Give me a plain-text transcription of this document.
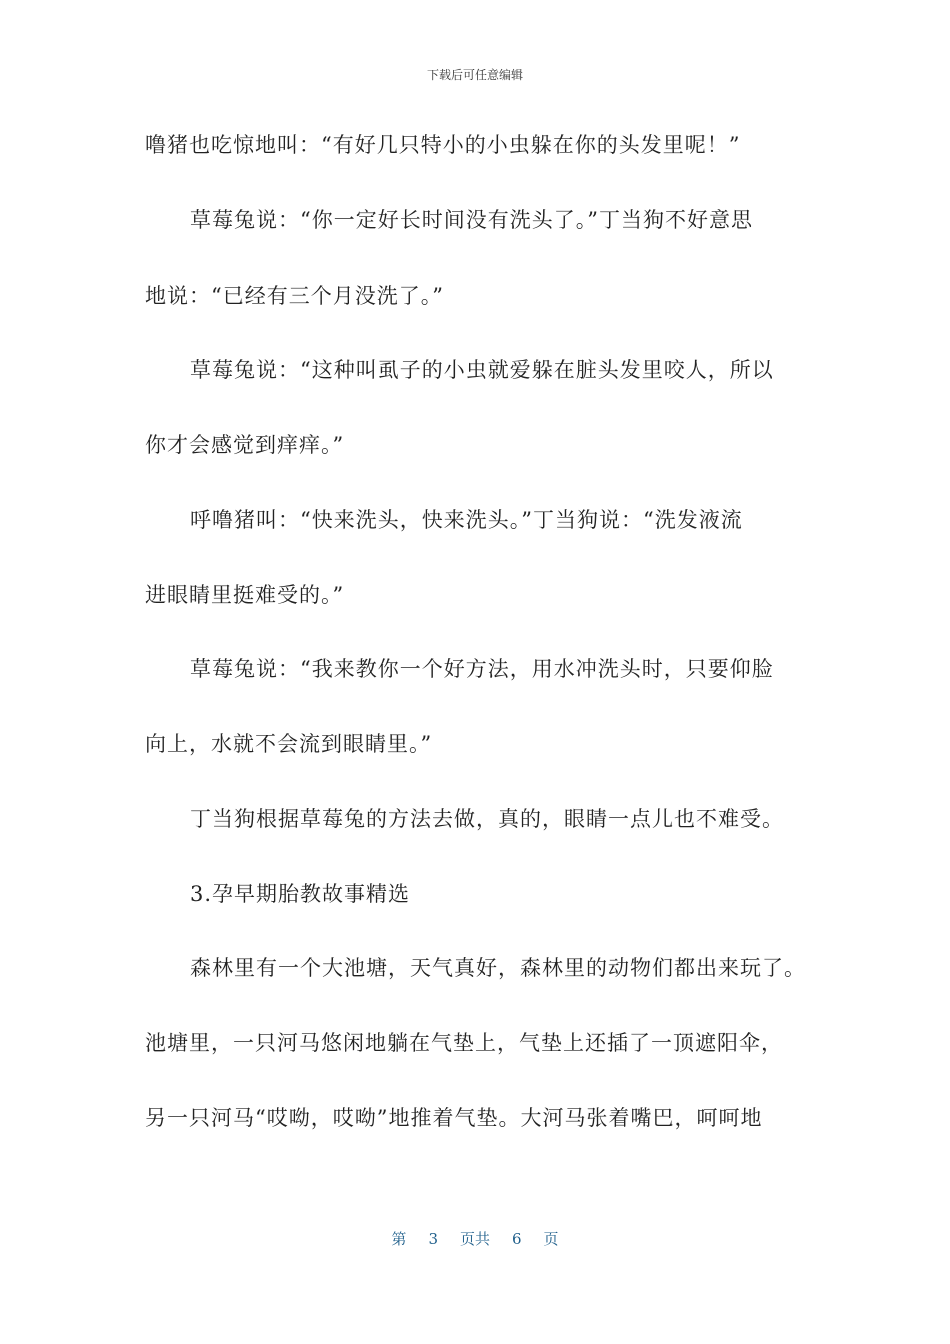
下载后可任意编辑
噜猪也吃惊地叫：“有好几只特小的小虫躲在你的头发里呢！”
草莓兔说：“你一定好长时间没有洗头了。”丁当狗不好意思
地说：“已经有三个月没洗了。”
草莓兔说：“这种叫虱子的小虫就爱躲在脏头发里咬人，所以
你才会感觉到痒痒。”
呼噜猪叫：“快来洗头，快来洗头。”丁当狗说：“洗发液流
进眼睛里挺难受的。”
草莓兔说：“我来教你一个好方法，用水冲洗头时，只要仰脸
向上，水就不会流到眼睛里。”
丁当狗根据草莓兔的方法去做，真的，眼睛一点儿也不难受。
3.孕早期胎教故事精选
森林里有一个大池塘，天气真好，森林里的动物们都出来玩了。
池塘里，一只河马悠闲地躺在气垫上，气垫上还插了一顶遮阳伞，
另一只河马“哎呦，哎呦”地推着气垫。大河马张着嘴巴，呵呵地
第 3 页共 6 页
